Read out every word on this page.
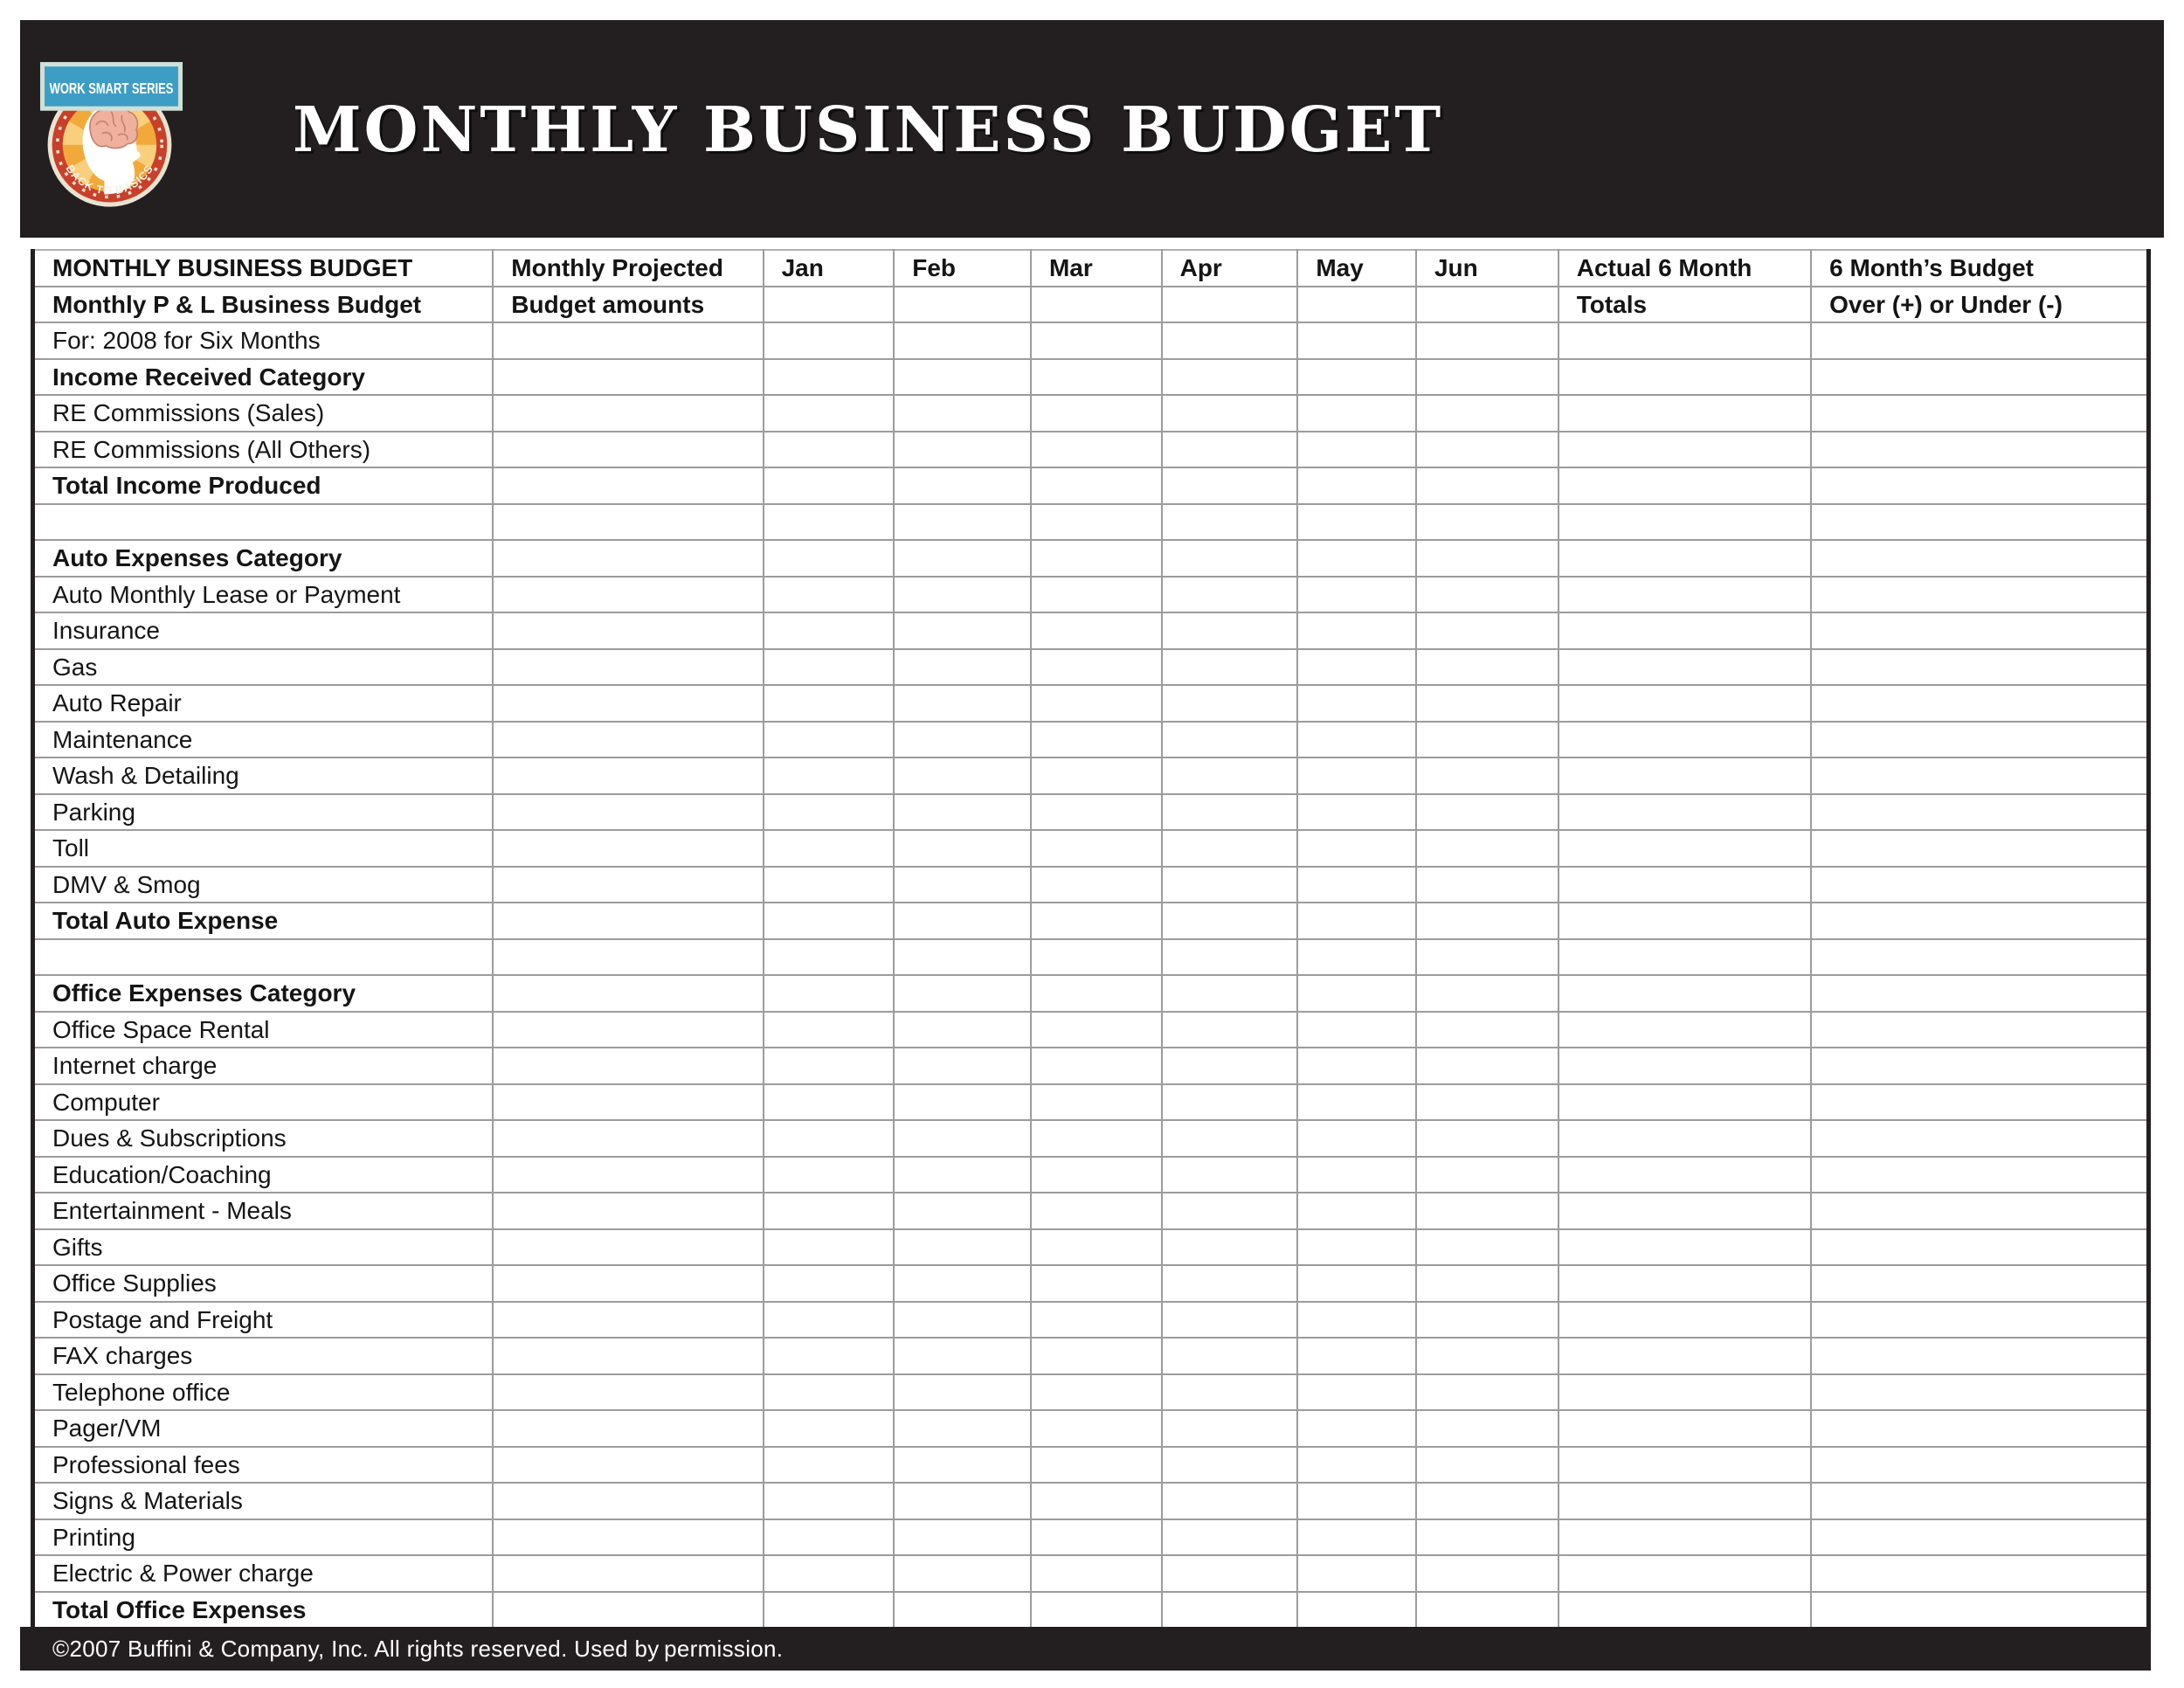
WORK SMART SERIES
BACK TO BASICS
MONTHLY BUSINESS BUDGET
MONTHLY BUSINESS BUDGET	Monthly Projected	Jan	Feb	Mar	Apr	May	Jun	Actual 6 Month	6 Month’s Budget
Monthly P & L Business Budget	Budget amounts							Totals	Over (+) or Under (-)
For: 2008 for Six Months									
Income Received Category									
RE Commissions (Sales)									
RE Commissions (All Others)									
Total Income Produced									

Auto Expenses Category									
Auto Monthly Lease or Payment									
Insurance									
Gas									
Auto Repair									
Maintenance									
Wash & Detailing									
Parking									
Toll									
DMV & Smog									
Total Auto Expense									

Office Expenses Category									
Office Space Rental									
Internet charge									
Computer									
Dues & Subscriptions									
Education/Coaching									
Entertainment - Meals									
Gifts									
Office Supplies									
Postage and Freight									
FAX charges									
Telephone office									
Pager/VM									
Professional fees									
Signs & Materials									
Printing									
Electric & Power charge									
Total Office Expenses									
©2007 Buffini & Company, Inc. All rights reserved. Used by permission.
